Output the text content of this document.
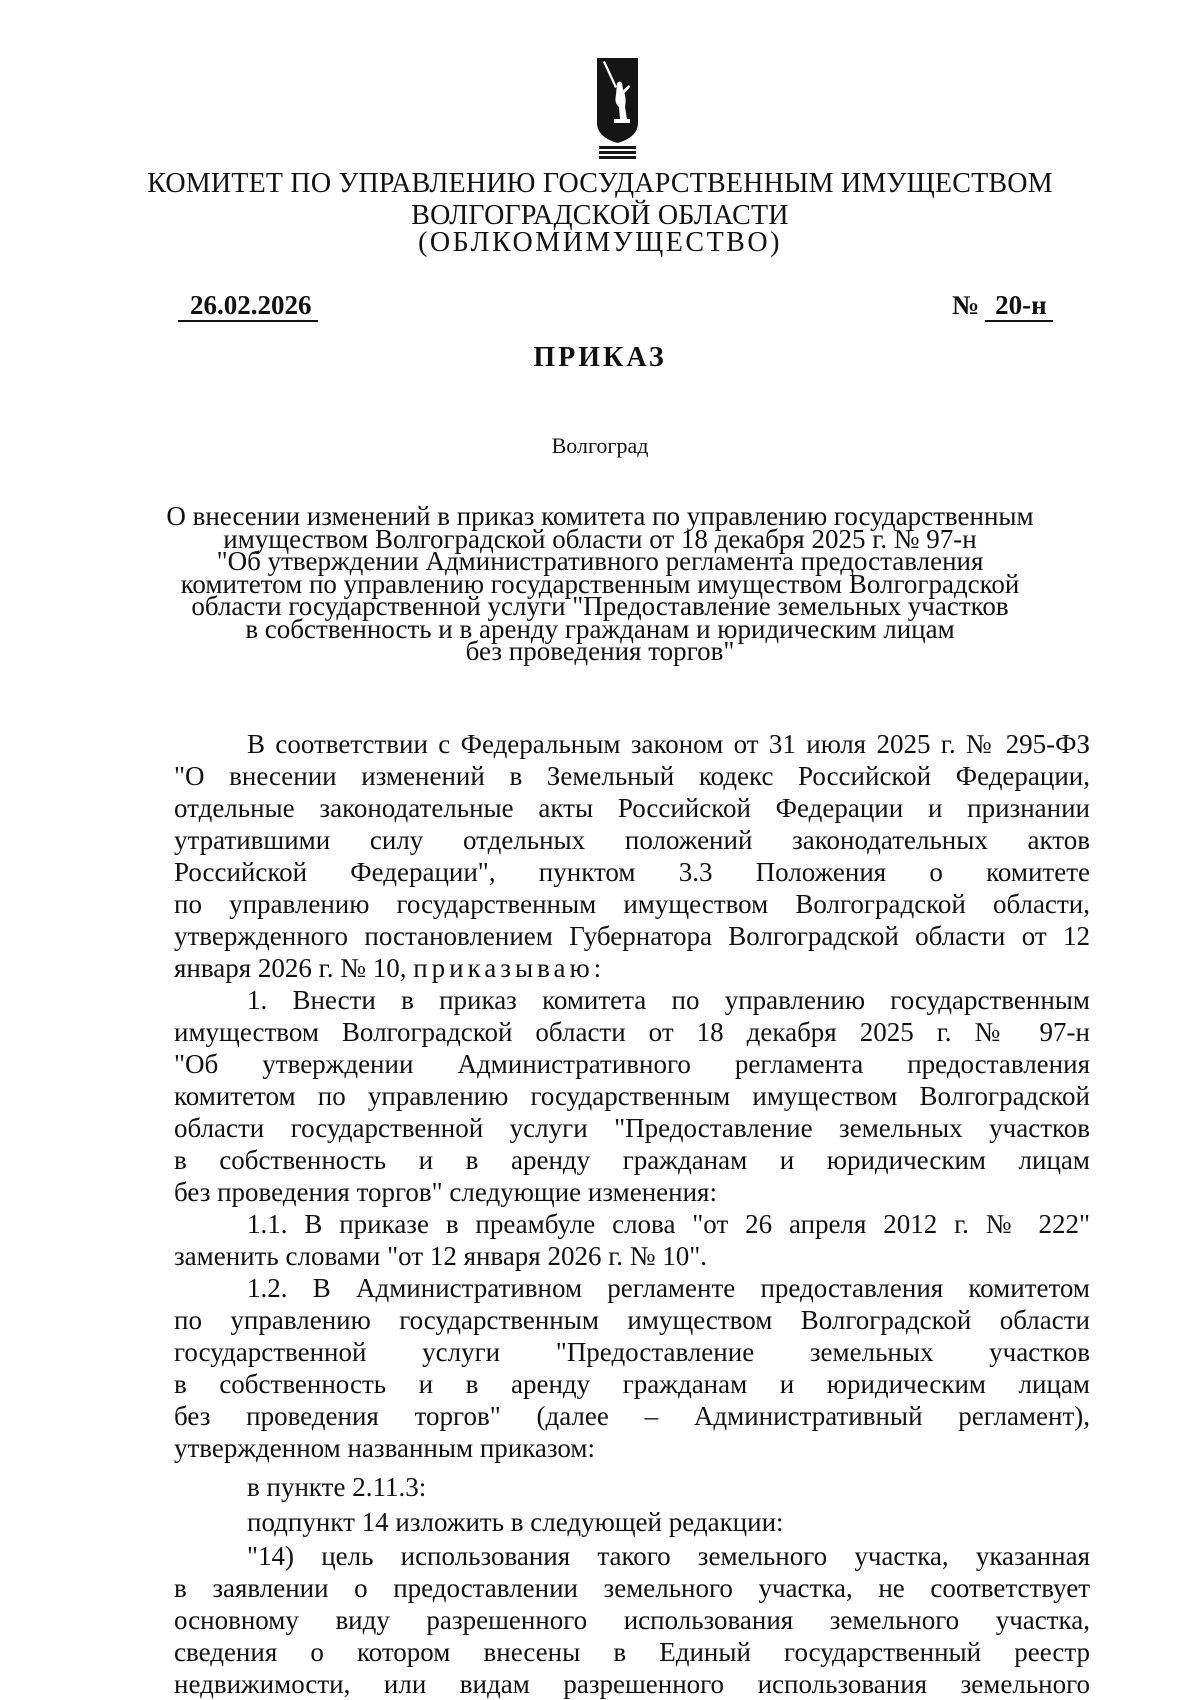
КОМИТЕТ ПО УПРАВЛЕНИЮ ГОСУДАРСТВЕННЫМ ИМУЩЕСТВОМ
ВОЛГОГРАДСКОЙ ОБЛАСТИ
(ОБЛКОМИМУЩЕСТВО)
26.02.2026	№ 20-н
ПРИКАЗ
Волгоград
О внесении изменений в приказ комитета по управлению государственным
имуществом Волгоградской области от 18 декабря 2025 г. № 97-н
"Об утверждении Административного регламента предоставления
комитетом по управлению государственным имуществом Волгоградской
области государственной услуги "Предоставление земельных участков
в собственность и в аренду гражданам и юридическим лицам
без проведения торгов"
В соответствии с Федеральным законом от 31 июля 2025 г. № 295-ФЗ
"О внесении изменений в Земельный кодекс Российской Федерации,
отдельные законодательные акты Российской Федерации и признании
утратившими силу отдельных положений законодательных актов
Российской Федерации", пунктом 3.3 Положения о комитете
по управлению государственным имуществом Волгоградской области,
утвержденного постановлением Губернатора Волгоградской области от 12
января 2026 г. № 10, приказываю:
1. Внести в приказ комитета по управлению государственным
имуществом Волгоградской области от 18 декабря 2025 г. № 97-н
"Об утверждении Административного регламента предоставления
комитетом по управлению государственным имуществом Волгоградской
области государственной услуги "Предоставление земельных участков
в собственность и в аренду гражданам и юридическим лицам
без проведения торгов" следующие изменения:
1.1. В приказе в преамбуле слова "от 26 апреля 2012 г. № 222"
заменить словами "от 12 января 2026 г. № 10".
1.2. В Административном регламенте предоставления комитетом
по управлению государственным имуществом Волгоградской области
государственной услуги "Предоставление земельных участков
в собственность и в аренду гражданам и юридическим лицам
без проведения торгов" (далее – Административный регламент),
утвержденном названным приказом:
в пункте 2.11.3:
подпункт 14 изложить в следующей редакции:
"14) цель использования такого земельного участка, указанная
в заявлении о предоставлении земельного участка, не соответствует
основному виду разрешенного использования земельного участка,
сведения о котором внесены в Единый государственный реестр
недвижимости, или видам разрешенного использования земельного
